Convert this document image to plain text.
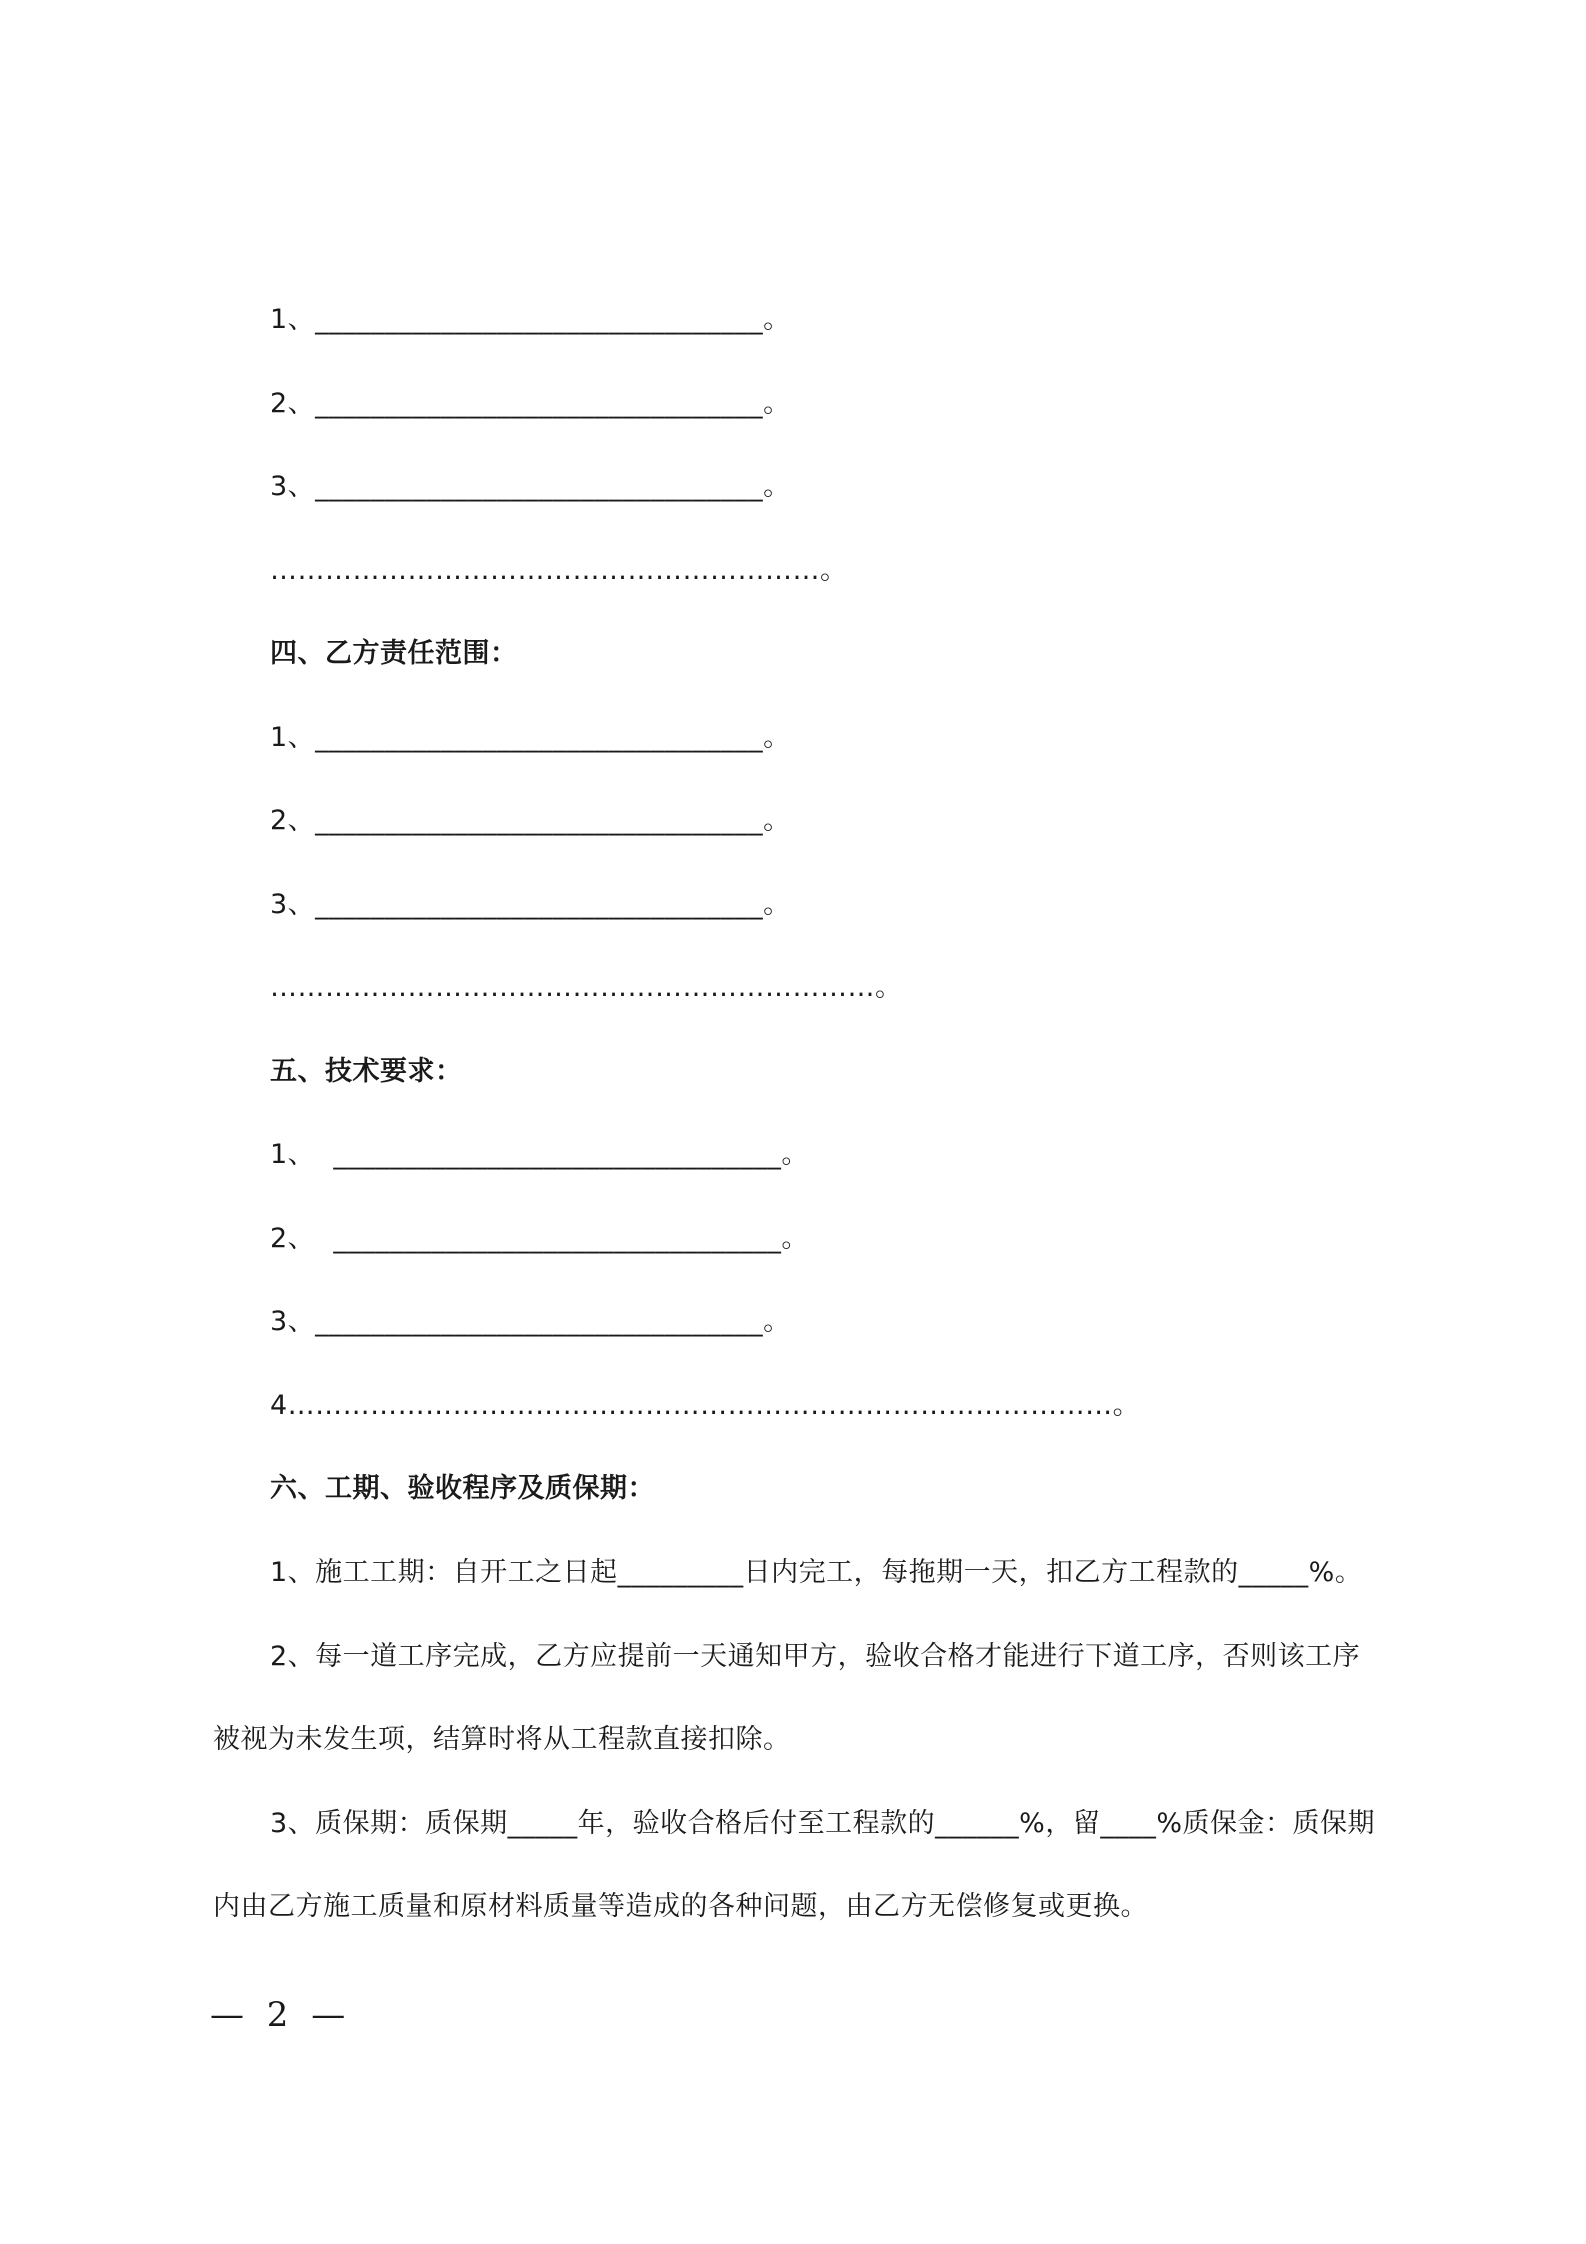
1、________________________________。
2、________________________________。
3、________________________________。
……………………………………………………。
四、乙方责任范围：
1、________________________________。
2、________________________________。
3、________________________________。
…………………………………………………………。
五、技术要求：
1、  ________________________________。
2、  ________________________________。
3、________________________________。
4………………………………………………………………………………。
六、工期、验收程序及质保期：
1、施工工期：自开工之日起_________日内完工，每拖期一天，扣乙方工程款的_____%。
2、每一道工序完成，乙方应提前一天通知甲方，验收合格才能进行下道工序，否则该工序
被视为未发生项，结算时将从工程款直接扣除。
3、质保期：质保期_____年，验收合格后付至工程款的______%，留____%质保金：质保期
内由乙方施工质量和原材料质量等造成的各种问题，由乙方无偿修复或更换。
— 2 —
